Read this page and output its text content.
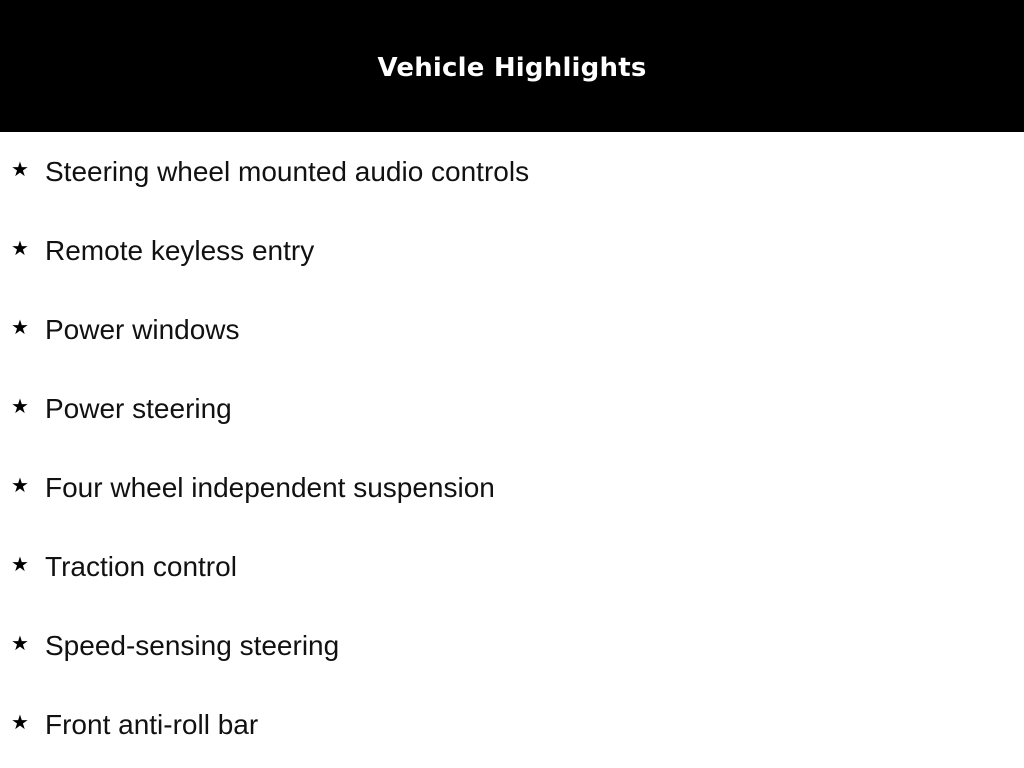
Vehicle Highlights
★ Steering wheel mounted audio controls
★ Remote keyless entry
★ Power windows
★ Power steering
★ Four wheel independent suspension
★ Traction control
★ Speed-sensing steering
★ Front anti-roll bar
